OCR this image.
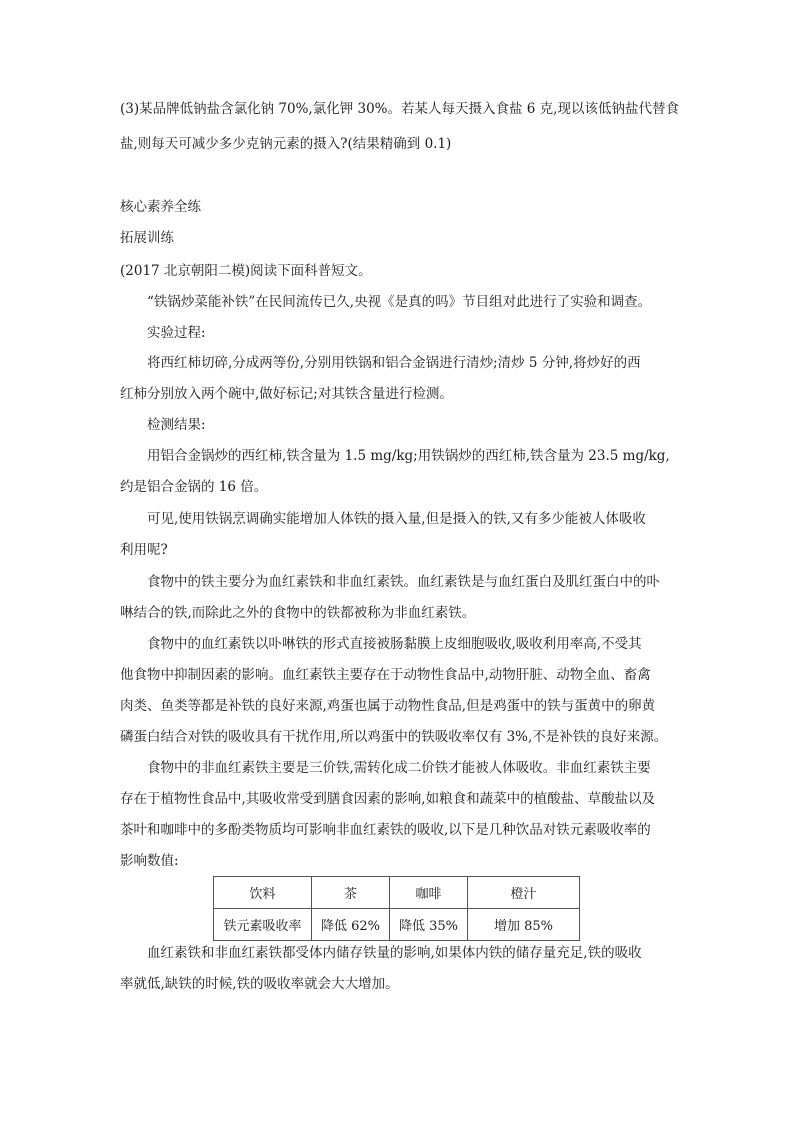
(3)某品牌低钠盐含氯化钠 70%,氯化钾 30%。若某人每天摄入食盐 6 克,现以该低钠盐代替食
盐,则每天可减少多少克钠元素的摄入?(结果精确到 0.1)
核心素养全练
拓展训练
(2017 北京朝阳二模)阅读下面科普短文。
“铁锅炒菜能补铁”在民间流传已久,央视《是真的吗》节目组对此进行了实验和调查。
实验过程:
将西红柿切碎,分成两等份,分别用铁锅和铝合金锅进行清炒;清炒 5 分钟,将炒好的西
红柿分别放入两个碗中,做好标记;对其铁含量进行检测。
检测结果:
用铝合金锅炒的西红柿,铁含量为 1.5 mg/kg;用铁锅炒的西红柿,铁含量为 23.5 mg/kg,
约是铝合金锅的 16 倍。
可见,使用铁锅烹调确实能增加人体铁的摄入量,但是摄入的铁,又有多少能被人体吸收
利用呢?
食物中的铁主要分为血红素铁和非血红素铁。血红素铁是与血红蛋白及肌红蛋白中的卟
啉结合的铁,而除此之外的食物中的铁都被称为非血红素铁。
食物中的血红素铁以卟啉铁的形式直接被肠黏膜上皮细胞吸收,吸收利用率高,不受其
他食物中抑制因素的影响。血红素铁主要存在于动物性食品中,动物肝脏、动物全血、畜禽
肉类、鱼类等都是补铁的良好来源,鸡蛋也属于动物性食品,但是鸡蛋中的铁与蛋黄中的卵黄
磷蛋白结合对铁的吸收具有干扰作用,所以鸡蛋中的铁吸收率仅有 3%,不是补铁的良好来源。
食物中的非血红素铁主要是三价铁,需转化成二价铁才能被人体吸收。非血红素铁主要
存在于植物性食品中,其吸收常受到膳食因素的影响,如粮食和蔬菜中的植酸盐、草酸盐以及
茶叶和咖啡中的多酚类物质均可影响非血红素铁的吸收,以下是几种饮品对铁元素吸收率的
影响数值:
饮料	茶	咖啡	橙汁
铁元素吸收率	降低 62%	降低 35%	增加 85%
血红素铁和非血红素铁都受体内储存铁量的影响,如果体内铁的储存量充足,铁的吸收
率就低,缺铁的时候,铁的吸收率就会大大增加。
